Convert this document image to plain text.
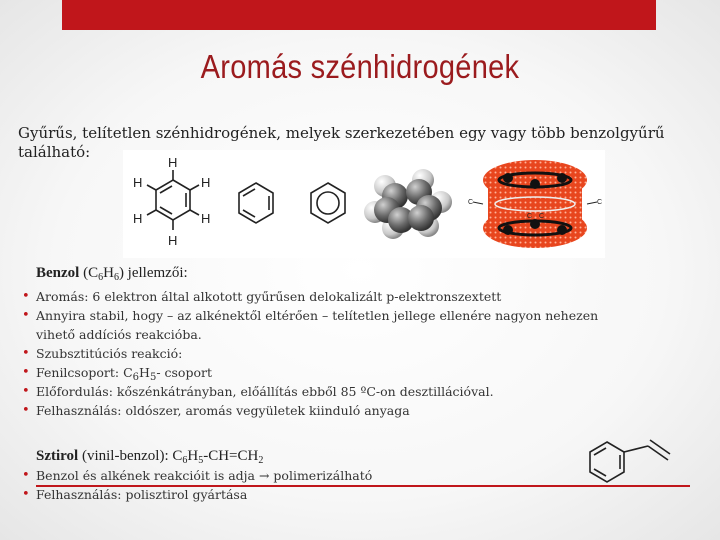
Aromás szénhidrogének
Gyűrűs, telítetlen szénhidrogének, melyek szerkezetében egy vagy több benzolgyűrű található:
H
H
H
H
H
H
C	C
C C
Benzol $(C_6H_6)$ jellemzői:
• Aromás: 6 elektron által alkotott gyűrűsen delokalizált p-elektronszextett
• Annyira stabil, hogy – az alkénektől eltérően – telítetlen jellege ellenére nagyon nehezen vihető addíciós reakcióba.
• Szubsztitúciós reakció:
• Fenilcsoport: $C_6H_5-$ csoport
• Előfordulás: kőszénkátrányban, előállítás ebből 85 ºC-on desztillációval.
• Felhasználás: oldószer, aromás vegyületek kiinduló anyaga
Sztirol (vinil-benzol): $C_6H_5-CH=CH_2$
• Benzol és alkének reakcióit is adja → polimerizálható
• Felhasználás: polisztirol gyártása
